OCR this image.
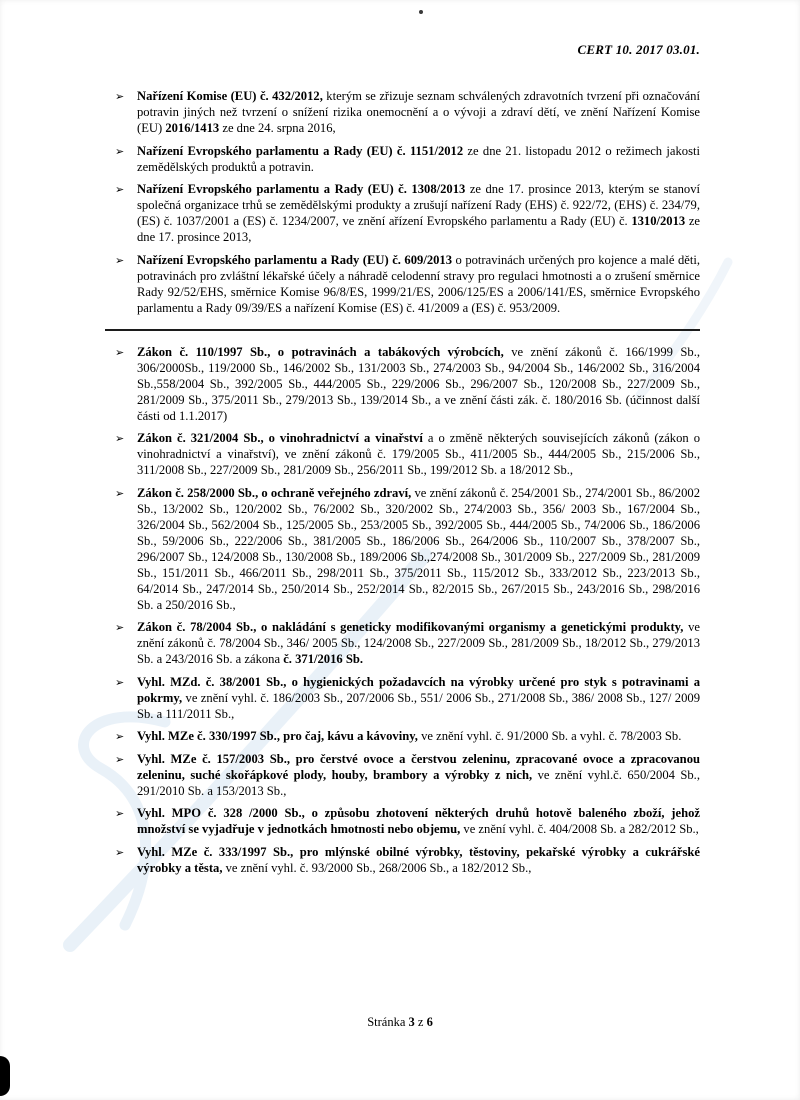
CERT 10. 2017 03.01.
➢ Nařízení Komise (EU) č. 432/2012, kterým se zřizuje seznam schválených zdravotních tvrzení při označování potravin jiných než tvrzení o snížení rizika onemocnění a o vývoji a zdraví dětí, ve znění Nařízení Komise (EU) 2016/1413 ze dne 24. srpna 2016,
➢ Nařízení Evropského parlamentu a Rady (EU) č. 1151/2012 ze dne 21. listopadu 2012 o režimech jakosti zemědělských produktů a potravin.
➢ Nařízení Evropského parlamentu a Rady (EU) č. 1308/2013 ze dne 17. prosince 2013, kterým se stanoví společná organizace trhů se zemědělskými produkty a zrušují nařízení Rady (EHS) č. 922/72, (EHS) č. 234/79, (ES) č. 1037/2001 a (ES) č. 1234/2007, ve znění ařízení Evropského parlamentu a Rady (EU) č. 1310/2013 ze dne 17. prosince 2013,
➢ Nařízení Evropského parlamentu a Rady (EU) č. 609/2013 o potravinách určených pro kojence a malé děti, potravinách pro zvláštní lékařské účely a náhradě celodenní stravy pro regulaci hmotnosti a o zrušení směrnice Rady 92/52/EHS, směrnice Komise 96/8/ES, 1999/21/ES, 2006/125/ES a 2006/141/ES, směrnice Evropského parlamentu a Rady 09/39/ES a nařízení Komise (ES) č. 41/2009 a (ES) č. 953/2009.
➢ Zákon č. 110/1997 Sb., o potravinách a tabákových výrobcích, ve znění zákonů č. 166/1999 Sb., 306/2000Sb., 119/2000 Sb., 146/2002 Sb., 131/2003 Sb., 274/2003 Sb., 94/2004 Sb., 146/2002 Sb., 316/2004 Sb.,558/2004 Sb., 392/2005 Sb., 444/2005 Sb., 229/2006 Sb., 296/2007 Sb., 120/2008 Sb., 227/2009 Sb., 281/2009 Sb., 375/2011 Sb., 279/2013 Sb., 139/2014 Sb., a ve znění části zák. č. 180/2016 Sb. (účinnost další části od 1.1.2017)
➢ Zákon č. 321/2004 Sb., o vinohradnictví a vinařství a o změně některých souvisejících zákonů (zákon o vinohradnictví a vinařství), ve znění zákonů č. 179/2005 Sb., 411/2005 Sb., 444/2005 Sb., 215/2006 Sb., 311/2008 Sb., 227/2009 Sb., 281/2009 Sb., 256/2011 Sb., 199/2012 Sb. a 18/2012 Sb.,
➢ Zákon č. 258/2000 Sb., o ochraně veřejného zdraví, ve znění zákonů č. 254/2001 Sb., 274/2001 Sb., 86/2002 Sb., 13/2002 Sb., 120/2002 Sb., 76/2002 Sb., 320/2002 Sb., 274/2003 Sb., 356/ 2003 Sb., 167/2004 Sb., 326/2004 Sb., 562/2004 Sb., 125/2005 Sb., 253/2005 Sb., 392/2005 Sb., 444/2005 Sb., 74/2006 Sb., 186/2006 Sb., 59/2006 Sb., 222/2006 Sb., 381/2005 Sb., 186/2006 Sb., 264/2006 Sb., 110/2007 Sb., 378/2007 Sb., 296/2007 Sb., 124/2008 Sb., 130/2008 Sb., 189/2006 Sb.,274/2008 Sb., 301/2009 Sb., 227/2009 Sb., 281/2009 Sb., 151/2011 Sb., 466/2011 Sb., 298/2011 Sb., 375/2011 Sb., 115/2012 Sb., 333/2012 Sb., 223/2013 Sb., 64/2014 Sb., 247/2014 Sb., 250/2014 Sb., 252/2014 Sb., 82/2015 Sb., 267/2015 Sb., 243/2016 Sb., 298/2016 Sb. a 250/2016 Sb.,
➢ Zákon č. 78/2004 Sb., o nakládání s geneticky modifikovanými organismy a genetickými produkty, ve znění zákonů č. 78/2004 Sb., 346/ 2005 Sb., 124/2008 Sb., 227/2009 Sb., 281/2009 Sb., 18/2012 Sb., 279/2013 Sb. a 243/2016 Sb. a zákona č. 371/2016 Sb.
➢ Vyhl. MZd. č. 38/2001 Sb., o hygienických požadavcích na výrobky určené pro styk s potravinami a pokrmy, ve znění vyhl. č. 186/2003 Sb., 207/2006 Sb., 551/ 2006 Sb., 271/2008 Sb., 386/ 2008 Sb., 127/ 2009 Sb. a 111/2011 Sb.,
➢ Vyhl. MZe č. 330/1997 Sb., pro čaj, kávu a kávoviny, ve znění vyhl. č. 91/2000 Sb. a vyhl. č. 78/2003 Sb.
➢ Vyhl. MZe č. 157/2003 Sb., pro čerstvé ovoce a čerstvou zeleninu, zpracované ovoce a zpracovanou zeleninu, suché skořápkové plody, houby, brambory a výrobky z nich, ve znění vyhl.č. 650/2004 Sb., 291/2010 Sb. a 153/2013 Sb.,
➢ Vyhl. MPO č. 328 /2000 Sb., o způsobu zhotovení některých druhů hotově baleného zboží, jehož množství se vyjadřuje v jednotkách hmotnosti nebo objemu, ve znění vyhl. č. 404/2008 Sb. a 282/2012 Sb.,
➢ Vyhl. MZe č. 333/1997 Sb., pro mlýnské obilné výrobky, těstoviny, pekařské výrobky a cukrářské výrobky a těsta, ve znění vyhl. č. 93/2000 Sb., 268/2006 Sb., a 182/2012 Sb.,
Stránka 3 z 6
